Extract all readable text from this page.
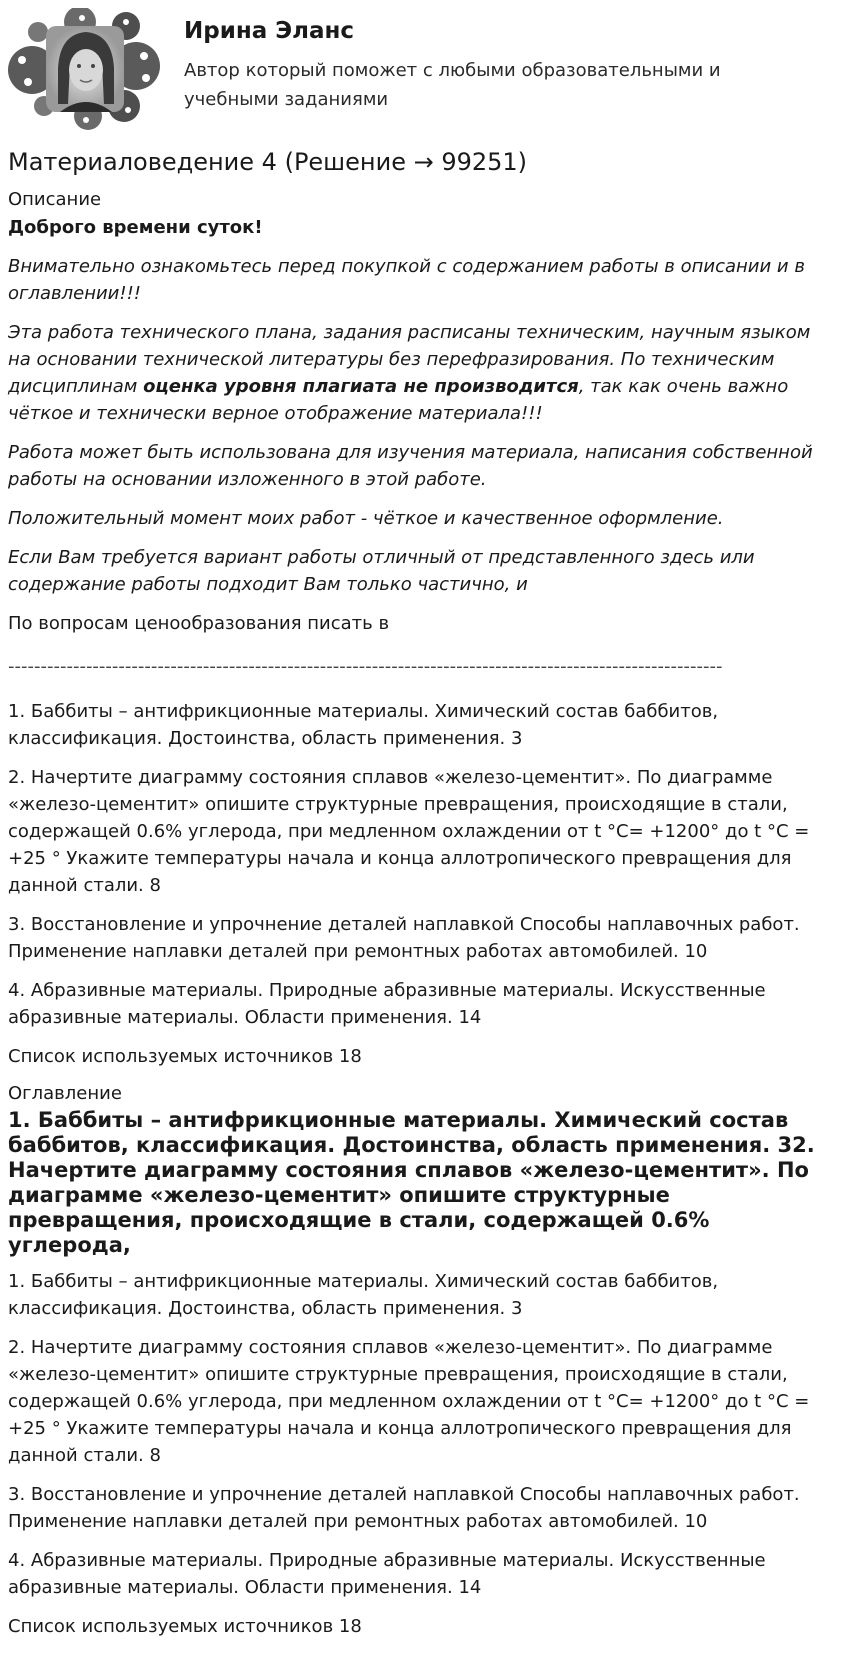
Ирина Эланс
Автор который поможет с любыми образовательными и учебными заданиями
Материаловедение 4 (Решение → 99251)

Описание

Доброго времени суток!

Внимательно ознакомьтесь перед покупкой с содержанием работы в описании и в оглавлении!!!

Эта работа технического плана, задания расписаны техническим, научным языком на основании технической литературы без перефразирования. По техническим дисциплинам оценка уровня плагиата не производится, так как очень важно чёткое и технически верное отображение материала!!!

Работа может быть использована для изучения материала, написания собственной работы на основании изложенного в этой работе.

Положительный момент моих работ - чёткое и качественное оформление.

Если Вам требуется вариант работы отличный от представленного здесь или содержание работы подходит Вам только частично, и

По вопросам ценообразования писать в

--------------------------------------------------------------------------------------------------------------

1. Баббиты – антифрикционные материалы. Химический состав баббитов, классификация. Достоинства, область применения. 3

2. Начертите диаграмму состояния сплавов «железо-цементит». По диаграмме «железо-цементит» опишите структурные превращения, происходящие в стали, содержащей 0.6% углерода, при медленном охлаждении от t °C= +1200° до t °C = +25 ° Укажите температуры начала и конца аллотропического превращения для данной стали. 8

3. Восстановление и упрочнение деталей наплавкой Способы наплавочных работ. Применение наплавки деталей при ремонтных работах автомобилей. 10

4. Абразивные материалы. Природные абразивные материалы. Искусственные абразивные материалы. Области применения. 14

Список используемых источников 18

Оглавление

1. Баббиты – антифрикционные материалы. Химический состав баббитов, классификация. Достоинства, область применения. 32. Начертите диаграмму состояния сплавов «железо-цементит». По диаграмме «железо-цементит» опишите структурные превращения, происходящие в стали, содержащей 0.6% углерода,

1. Баббиты – антифрикционные материалы. Химический состав баббитов, классификация. Достоинства, область применения. 3

2. Начертите диаграмму состояния сплавов «железо-цементит». По диаграмме «железо-цементит» опишите структурные превращения, происходящие в стали, содержащей 0.6% углерода, при медленном охлаждении от t °C= +1200° до t °C = +25 ° Укажите температуры начала и конца аллотропического превращения для данной стали. 8

3. Восстановление и упрочнение деталей наплавкой Способы наплавочных работ. Применение наплавки деталей при ремонтных работах автомобилей. 10

4. Абразивные материалы. Природные абразивные материалы. Искусственные абразивные материалы. Области применения. 14

Список используемых источников 18
